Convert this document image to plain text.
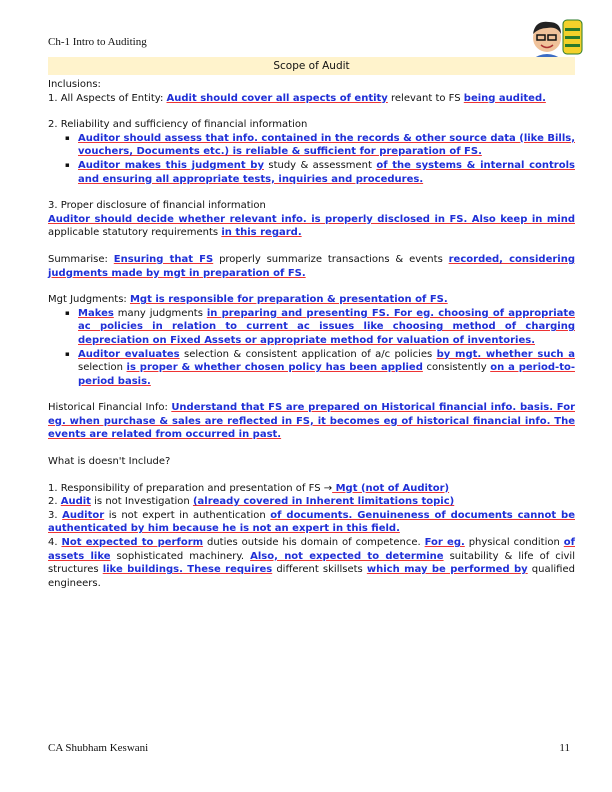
Ch-1 Intro to Auditing
Scope of Audit

Inclusions:

1. All Aspects of Entity: Audit should cover all aspects of entity relevant to FS being audited.

2. Reliability and sufficiency of financial information

▪ Auditor should assess that info. contained in the records & other source data (like Bills, vouchers, Documents etc.) is reliable & sufficient for preparation of FS.

▪ Auditor makes this judgment by study & assessment of the systems & internal controls and ensuring all appropriate tests, inquiries and procedures.

3. Proper disclosure of financial information

Auditor should decide whether relevant info. is properly disclosed in FS. Also keep in mind applicable statutory requirements in this regard.

Summarise: Ensuring that FS properly summarize transactions & events recorded, considering judgments made by mgt in preparation of FS.

Mgt Judgments: Mgt is responsible for preparation & presentation of FS.

▪ Makes many judgments in preparing and presenting FS. For eg. choosing of appropriate ac policies in relation to current ac issues like choosing method of charging depreciation on Fixed Assets or appropriate method for valuation of inventories.

▪ Auditor evaluates selection & consistent application of a/c policies by mgt. whether such a selection is proper & whether chosen policy has been applied consistently on a period-to-period basis.

Historical Financial Info: Understand that FS are prepared on Historical financial info. basis. For eg. when purchase & sales are reflected in FS, it becomes eg of historical financial info. The events are related from occurred in past.

What is doesn't Include?

1. Responsibility of preparation and presentation of FS → Mgt (not of Auditor)

2. Audit is not Investigation (already covered in Inherent limitations topic)

3. Auditor is not expert in authentication of documents. Genuineness of documents cannot be authenticated by him because he is not an expert in this field.

4. Not expected to perform duties outside his domain of competence. For eg. physical condition of assets like sophisticated machinery. Also, not expected to determine suitability & life of civil structures like buildings. These requires different skillsets which may be performed by qualified engineers.

CA Shubham Keswani	11
